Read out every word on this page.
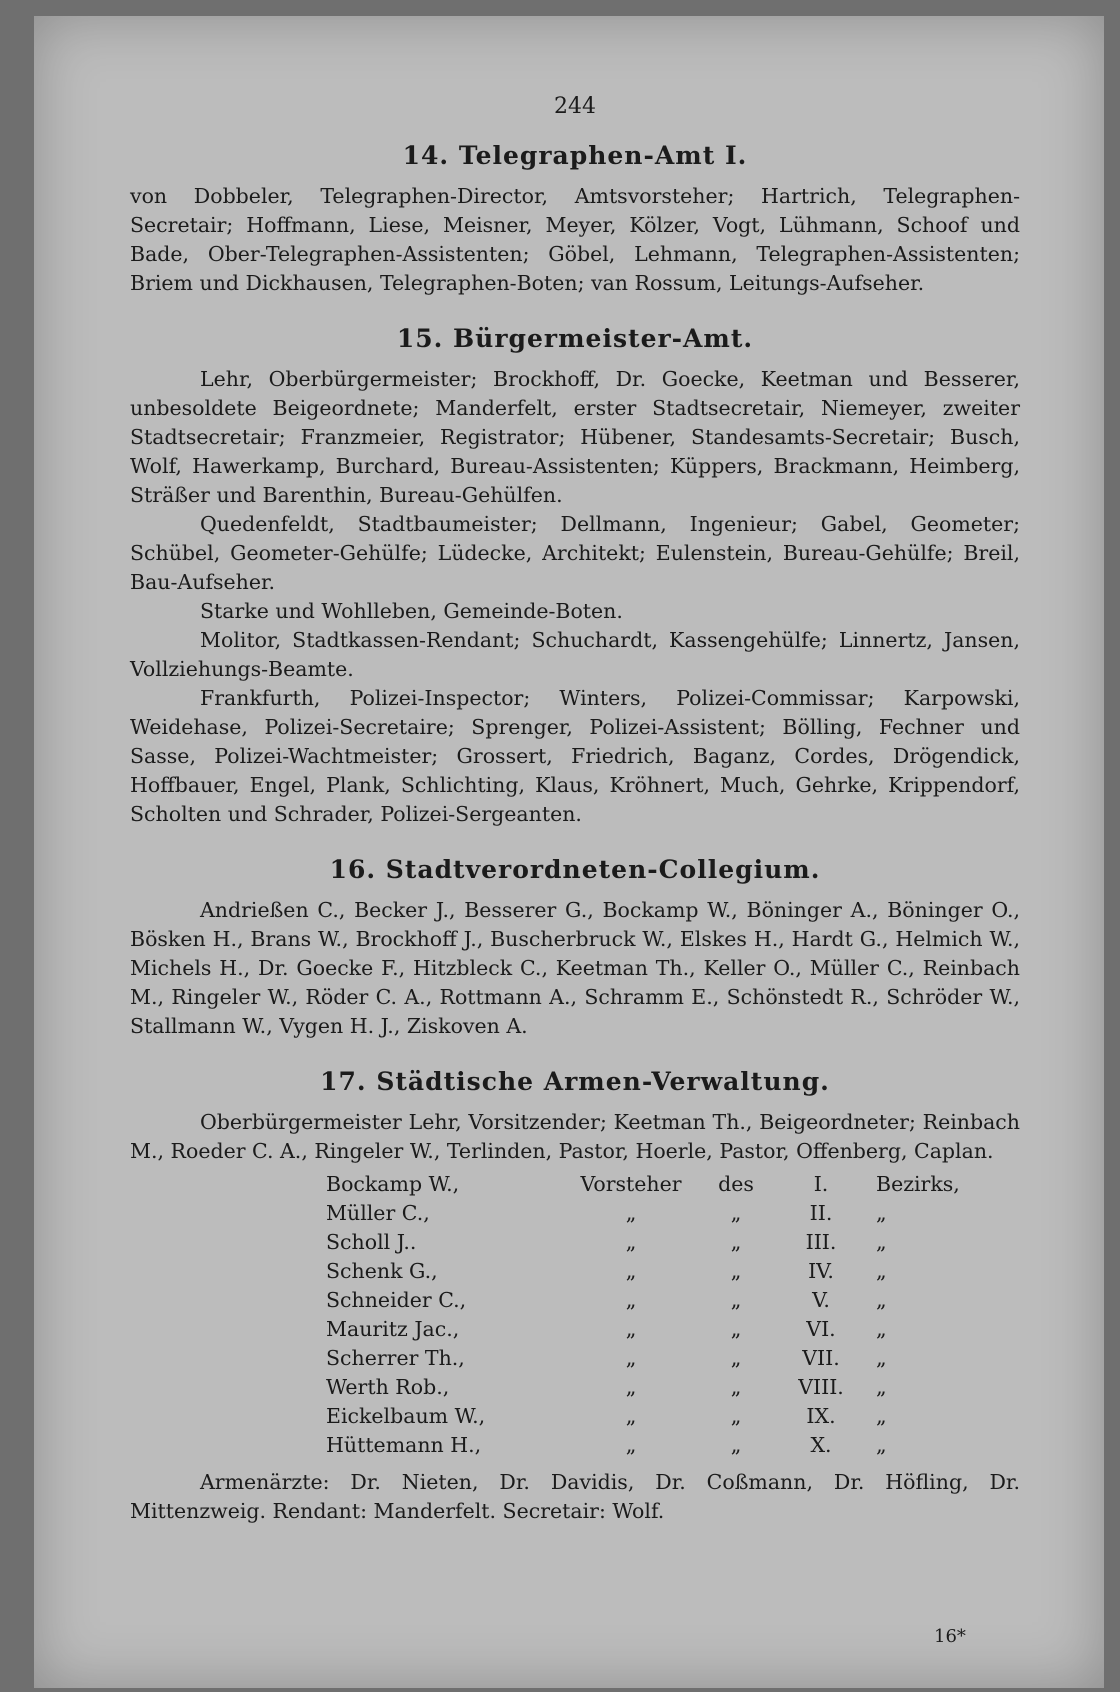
244
14. Telegraphen-Amt I.

von Dobbeler, Telegraphen-Director, Amtsvorsteher; Hartrich, Telegraphen-Secretair; Hoffmann, Liese, Meisner, Meyer, Kölzer, Vogt, Lühmann, Schoof und Bade, Ober-Telegraphen-Assistenten; Göbel, Lehmann, Telegraphen-Assistenten; Briem und Dickhausen, Telegraphen-Boten; van Rossum, Leitungs-Aufseher.

15. Bürgermeister-Amt.

Lehr, Oberbürgermeister; Brockhoff, Dr. Goecke, Keetman und Besserer, unbesoldete Beigeordnete; Manderfelt, erster Stadtsecretair, Niemeyer, zweiter Stadtsecretair; Franzmeier, Registrator; Hübener, Standesamts-Secretair; Busch, Wolf, Hawerkamp, Burchard, Bureau-Assistenten; Küppers, Brackmann, Heimberg, Sträßer und Barenthin, Bureau-Gehülfen.

Quedenfeldt, Stadtbaumeister; Dellmann, Ingenieur; Gabel, Geometer; Schübel, Geometer-Gehülfe; Lüdecke, Architekt; Eulenstein, Bureau-Gehülfe; Breil, Bau-Aufseher.

Starke und Wohlleben, Gemeinde-Boten.

Molitor, Stadtkassen-Rendant; Schuchardt, Kassengehülfe; Linnertz, Jansen, Vollziehungs-Beamte.

Frankfurth, Polizei-Inspector; Winters, Polizei-Commissar; Karpowski, Weidehase, Polizei-Secretaire; Sprenger, Polizei-Assistent; Bölling, Fechner und Sasse, Polizei-Wachtmeister; Grossert, Friedrich, Baganz, Cordes, Drögendick, Hoffbauer, Engel, Plank, Schlichting, Klaus, Kröhnert, Much, Gehrke, Krippendorf, Scholten und Schrader, Polizei-Sergeanten.

16. Stadtverordneten-Collegium.

Andrießen C., Becker J., Besserer G., Bockamp W., Böninger A., Böninger O., Bösken H., Brans W., Brockhoff J., Buscherbruck W., Elskes H., Hardt G., Helmich W., Michels H., Dr. Goecke F., Hitzbleck C., Keetman Th., Keller O., Müller C., Reinbach M., Ringeler W., Röder C. A., Rottmann A., Schramm E., Schönstedt R., Schröder W., Stallmann W., Vygen H. J., Ziskoven A.

17. Städtische Armen-Verwaltung.

Oberbürgermeister Lehr, Vorsitzender; Keetman Th., Beigeordneter; Reinbach M., Roeder C. A., Ringeler W., Terlinden, Pastor, Hoerle, Pastor, Offenberg, Caplan.

Bockamp W.,	Vorsteher	des	I.	Bezirks,
Müller C.,	„	„	II.	„
Scholl J..	„	„	III.	„
Schenk G.,	„	„	IV.	„
Schneider C.,	„	„	V.	„
Mauritz Jac.,	„	„	VI.	„
Scherrer Th.,	„	„	VII.	„
Werth Rob.,	„	„	VIII.	„
Eickelbaum W.,	„	„	IX.	„
Hüttemann H.,	„	„	X.	„

Armenärzte: Dr. Nieten, Dr. Davidis, Dr. Coßmann, Dr. Höfling, Dr. Mittenzweig. Rendant: Manderfelt. Secretair: Wolf.

16*
